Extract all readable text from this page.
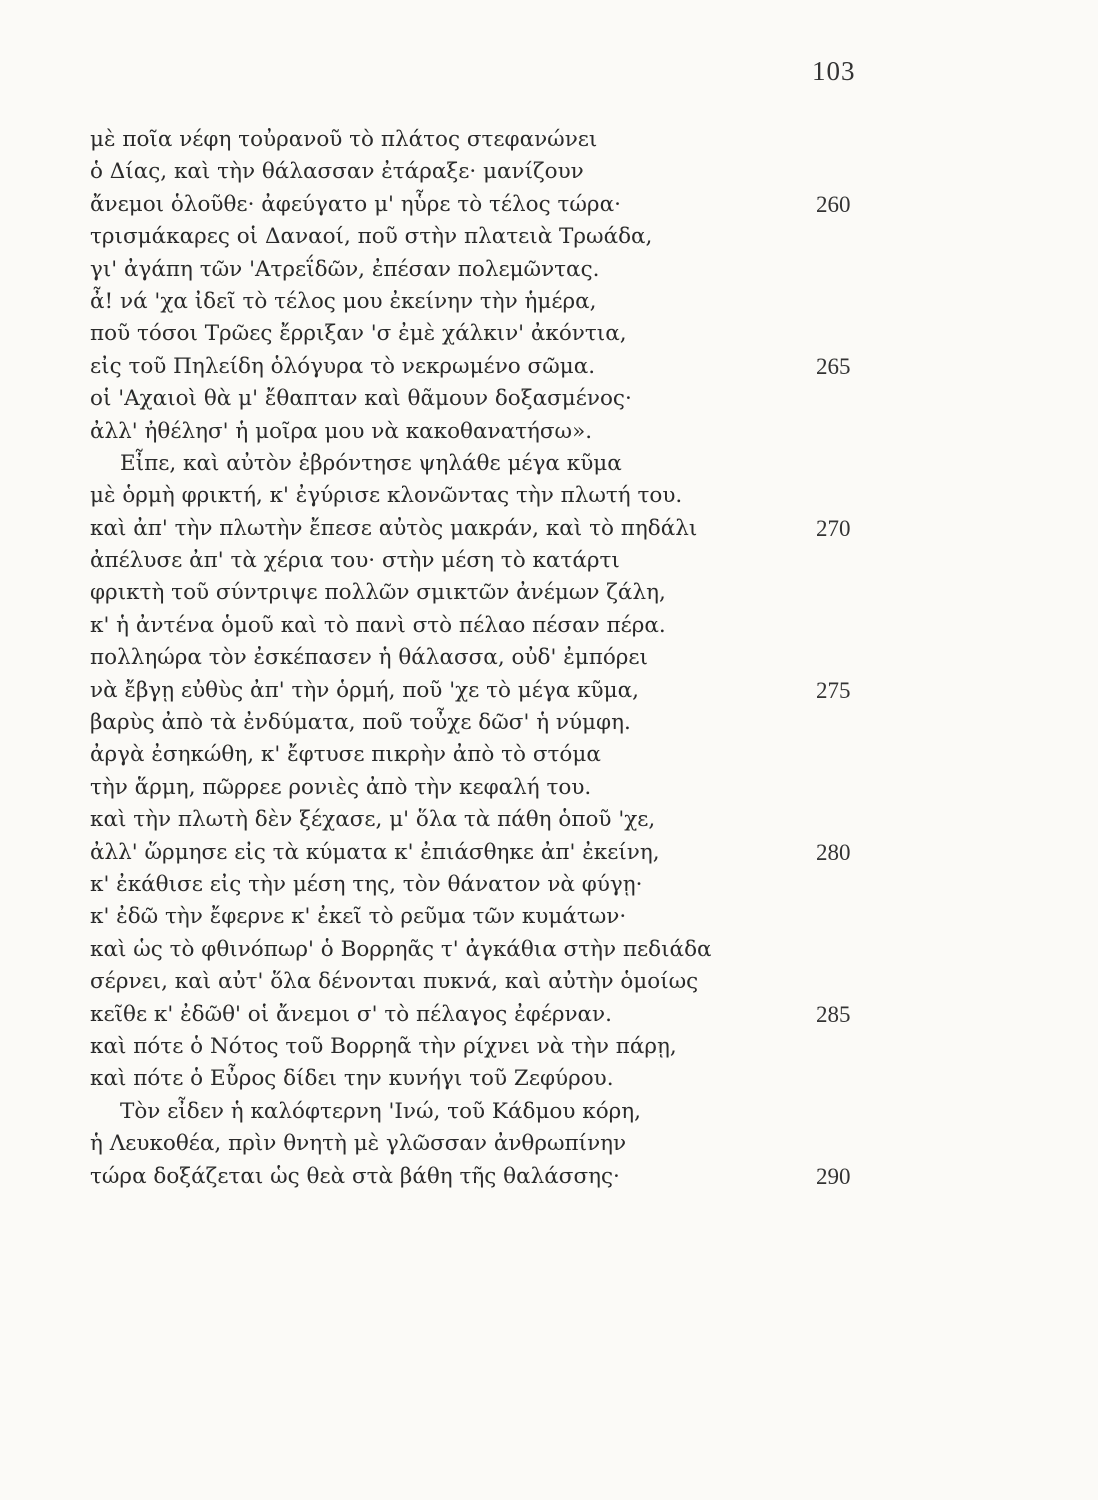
103
μὲ ποῖα νέφη τοὐρανοῦ τὸ πλάτος στεφανώνει
ὁ Δίας, καὶ τὴν θάλασσαν ἐτάραξε· μανίζουν
ἄνεμοι ὁλοῦθε· ἀφεύγατο μ' ηὗρε τὸ τέλος τώρα·	260
τρισμάκαρες οἱ Δαναοί, ποῦ στὴν πλατειὰ Τρωάδα,
γι' ἀγάπη τῶν 'Ατρεΐδῶν, ἐπέσαν πολεμῶντας.
ἆ! νά 'χα ἰδεῖ τὸ τέλος μου ἐκείνην τὴν ἡμέρα,
ποῦ τόσοι Τρῶες ἔρριξαν 'σ ἐμὲ χάλκιν' ἀκόντια,
εἰς τοῦ Πηλείδη ὁλόγυρα τὸ νεκρωμένο σῶμα.	265
οἱ 'Αχαιοὶ θὰ μ' ἔθαπταν καὶ θᾶμουν δοξασμένος·
ἀλλ' ἠθέλησ' ἡ μοῖρα μου νὰ κακοθανατήσω».
Εἶπε, καὶ αὐτὸν ἐβρόντησε ψηλάθε μέγα κῦμα
μὲ ὁρμὴ φρικτή, κ' ἐγύρισε κλονῶντας τὴν πλωτή του.
καὶ ἀπ' τὴν πλωτὴν ἔπεσε αὐτὸς μακράν, καὶ τὸ πηδάλι	270
ἀπέλυσε ἀπ' τὰ χέρια του· στὴν μέση τὸ κατάρτι
φρικτὴ τοῦ σύντριψε πολλῶν σμικτῶν ἀνέμων ζάλη,
κ' ἡ ἀντένα ὁμοῦ καὶ τὸ πανὶ στὸ πέλαο πέσαν πέρα.
πολληώρα τὸν ἐσκέπασεν ἡ θάλασσα, οὐδ' ἐμπόρει
νὰ ἔβγῃ εὐθὺς ἀπ' τὴν ὁρμή, ποῦ 'χε τὸ μέγα κῦμα,	275
βαρὺς ἀπὸ τὰ ἐνδύματα, ποῦ τοὖχε δῶσ' ἡ νύμφη.
ἀργὰ ἐσηκώθη, κ' ἔφτυσε πικρὴν ἀπὸ τὸ στόμα
τὴν ἅρμη, πῶρρεε ρονιὲς ἀπὸ τὴν κεφαλή του.
καὶ τὴν πλωτὴ δὲν ξέχασε, μ' ὅλα τὰ πάθη ὁποῦ 'χε,
ἀλλ' ὥρμησε εἰς τὰ κύματα κ' ἐπιάσθηκε ἀπ' ἐκείνη,	280
κ' ἐκάθισε εἰς τὴν μέση της, τὸν θάνατον νὰ φύγῃ·
κ' ἐδῶ τὴν ἔφερνε κ' ἐκεῖ τὸ ρεῦμα τῶν κυμάτων·
καὶ ὡς τὸ φθινόπωρ' ὁ Βορρηᾶς τ' ἀγκάθια στὴν πεδιάδα
σέρνει, καὶ αὐτ' ὅλα δένονται πυκνά, καὶ αὐτὴν ὁμοίως
κεῖθε κ' ἐδῶθ' οἱ ἄνεμοι σ' τὸ πέλαγος ἐφέρναν.	285
καὶ πότε ὁ Νότος τοῦ Βορρηᾶ τὴν ρίχνει νὰ τὴν πάρῃ,
καὶ πότε ὁ Εὖρος δίδει την κυνήγι τοῦ Ζεφύρου.
Τὸν εἶδεν ἡ καλόφτερνη 'Ινώ, τοῦ Κάδμου κόρη,
ἡ Λευκοθέα, πρὶν θνητὴ μὲ γλῶσσαν ἀνθρωπίνην
τώρα δοξάζεται ὡς θεὰ στὰ βάθη τῆς θαλάσσης·	290
